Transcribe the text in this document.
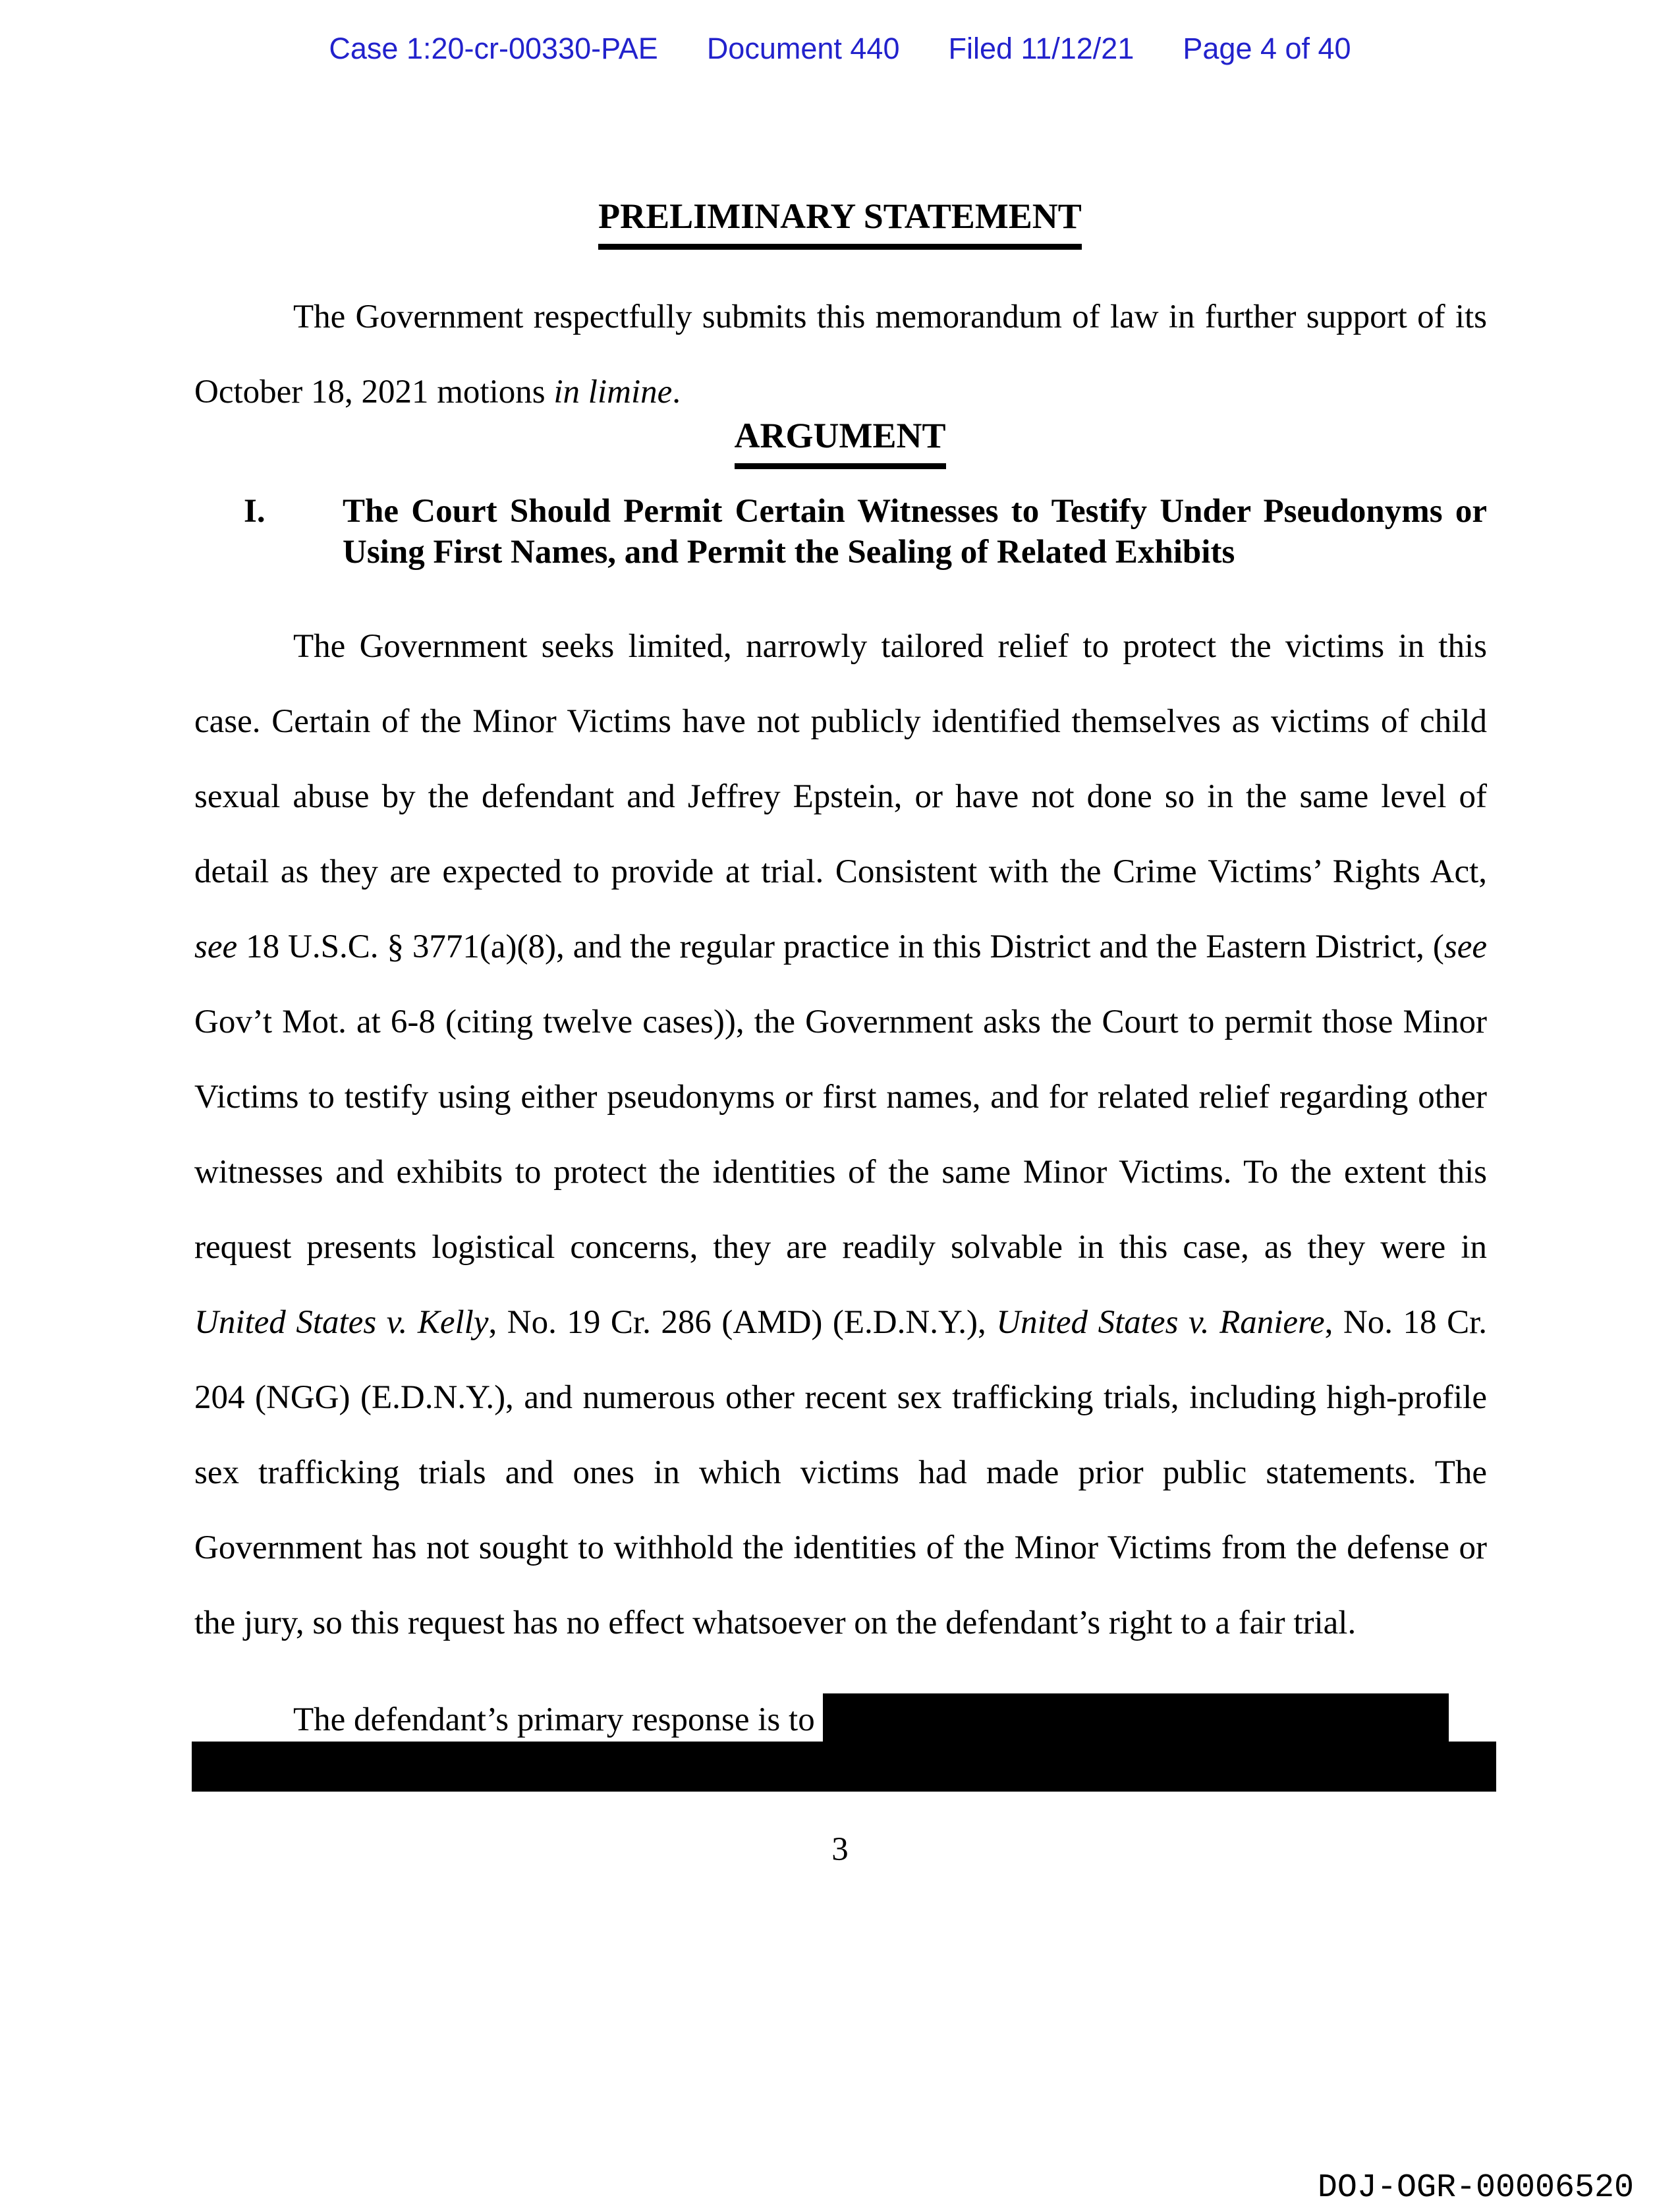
Case 1:20-cr-00330-PAE Document 440 Filed 11/12/21 Page 4 of 40
PRELIMINARY STATEMENT

The Government respectfully submits this memorandum of law in further support of its October 18, 2021 motions in limine.

ARGUMENT
I.	The Court Should Permit Certain Witnesses to Testify Under Pseudonyms or Using First Names, and Permit the Sealing of Related Exhibits

The Government seeks limited, narrowly tailored relief to protect the victims in this case. Certain of the Minor Victims have not publicly identified themselves as victims of child sexual abuse by the defendant and Jeffrey Epstein, or have not done so in the same level of detail as they are expected to provide at trial. Consistent with the Crime Victims’ Rights Act, see 18 U.S.C. § 3771(a)(8), and the regular practice in this District and the Eastern District, (see Gov’t Mot. at 6-8 (citing twelve cases)), the Government asks the Court to permit those Minor Victims to testify using either pseudonyms or first names, and for related relief regarding other witnesses and exhibits to protect the identities of the same Minor Victims. To the extent this request presents logistical concerns, they are readily solvable in this case, as they were in United States v. Kelly, No. 19 Cr. 286 (AMD) (E.D.N.Y.), United States v. Raniere, No. 18 Cr. 204 (NGG) (E.D.N.Y.), and numerous other recent sex trafficking trials, including high-profile sex trafficking trials and ones in which victims had made prior public statements. The Government has not sought to withhold the identities of the Minor Victims from the defense or the jury, so this request has no effect whatsoever on the defendant’s right to a fair trial.

The defendant’s primary response is to

3
DOJ-OGR-00006520
